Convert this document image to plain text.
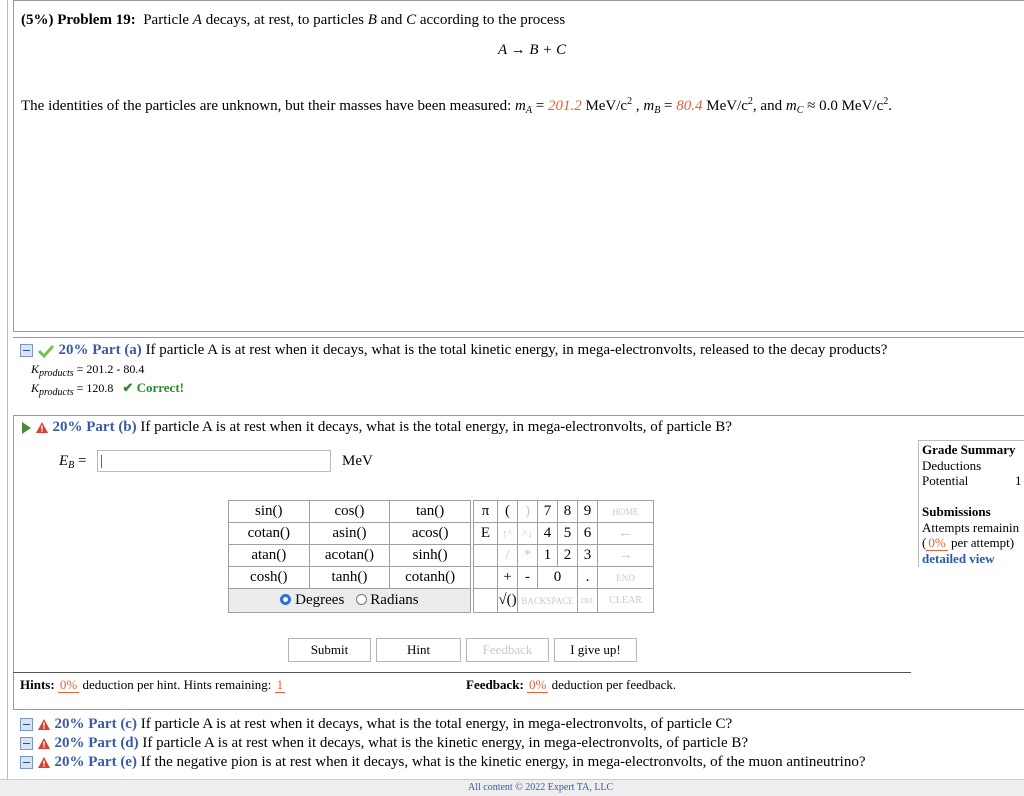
(5%) Problem 19: Particle A decays, at rest, to particles B and C according to the process
A → B + C
The identities of the particles are unknown, but their masses have been measured: $m_A = 201.2$ MeV/$c^2$ , $m_B = 80.4$ MeV/$c^2$, and $m_C \approx 0.0$ MeV/$c^2$.
20% Part (a) If particle A is at rest when it decays, what is the total kinetic energy, in mega-electronvolts, released to the decay products?
$K_{products} = 201.2 - 80.4$
$K_{products} = 120.8$ ✔ Correct!

20% Part (b) If particle A is at rest when it decays, what is the total energy, in mega-electronvolts, of particle B?
$E_B$ =	MeV
Grade Summary
Deductions
Potential	1
Submissions
Attempts remainin
( 0% per attempt)
detailed view
sin()	cos()	tan()
cotan()	asin()	acos()
atan()	acotan()	sinh()
cosh()	tanh()	cotanh()
Degrees Radians		
π	(	)	7	8	9	HOME
E	↑^	^↓	4	5	6	←
	/	*	1	2	3	→
	+	-	0		.	END
	√()	BACKSPACE			DEL	CLEAR
Submit	Hint	Feedback	I give up!
Hints: 0% deduction per hint. Hints remaining: 1	Feedback: 0% deduction per feedback.

20% Part (c) If particle A is at rest when it decays, what is the total energy, in mega-electronvolts, of particle C?

20% Part (d) If particle A is at rest when it decays, what is the kinetic energy, in mega-electronvolts, of particle B?

20% Part (e) If the negative pion is at rest when it decays, what is the kinetic energy, in mega-electronvolts, of the muon antineutrino?
All content © 2022 Expert TA, LLC
